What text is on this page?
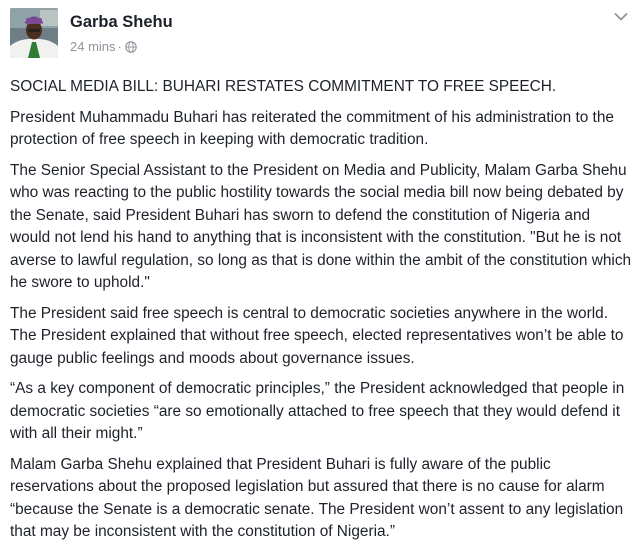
Garba Shehu
24 mins ·

SOCIAL MEDIA BILL: BUHARI RESTATES COMMITMENT TO FREE SPEECH.

President Muhammadu Buhari has reiterated the commitment of his administration to the protection of free speech in keeping with democratic tradition.

The Senior Special Assistant to the President on Media and Publicity, Malam Garba Shehu who was reacting to the public hostility towards the social media bill now being debated by the Senate, said President Buhari has sworn to defend the constitution of Nigeria and would not lend his hand to anything that is inconsistent with the constitution. "But he is not averse to lawful regulation, so long as that is done within the ambit of the constitution which he swore to uphold."

The President said free speech is central to democratic societies anywhere in the world. The President explained that without free speech, elected representatives won’t be able to gauge public feelings and moods about governance issues.

“As a key component of democratic principles,” the President acknowledged that people in democratic societies “are so emotionally attached to free speech that they would defend it with all their might.”

Malam Garba Shehu explained that President Buhari is fully aware of the public reservations about the proposed legislation but assured that there is no cause for alarm “because the Senate is a democratic senate. The President won’t assent to any legislation that may be inconsistent with the constitution of Nigeria.”
